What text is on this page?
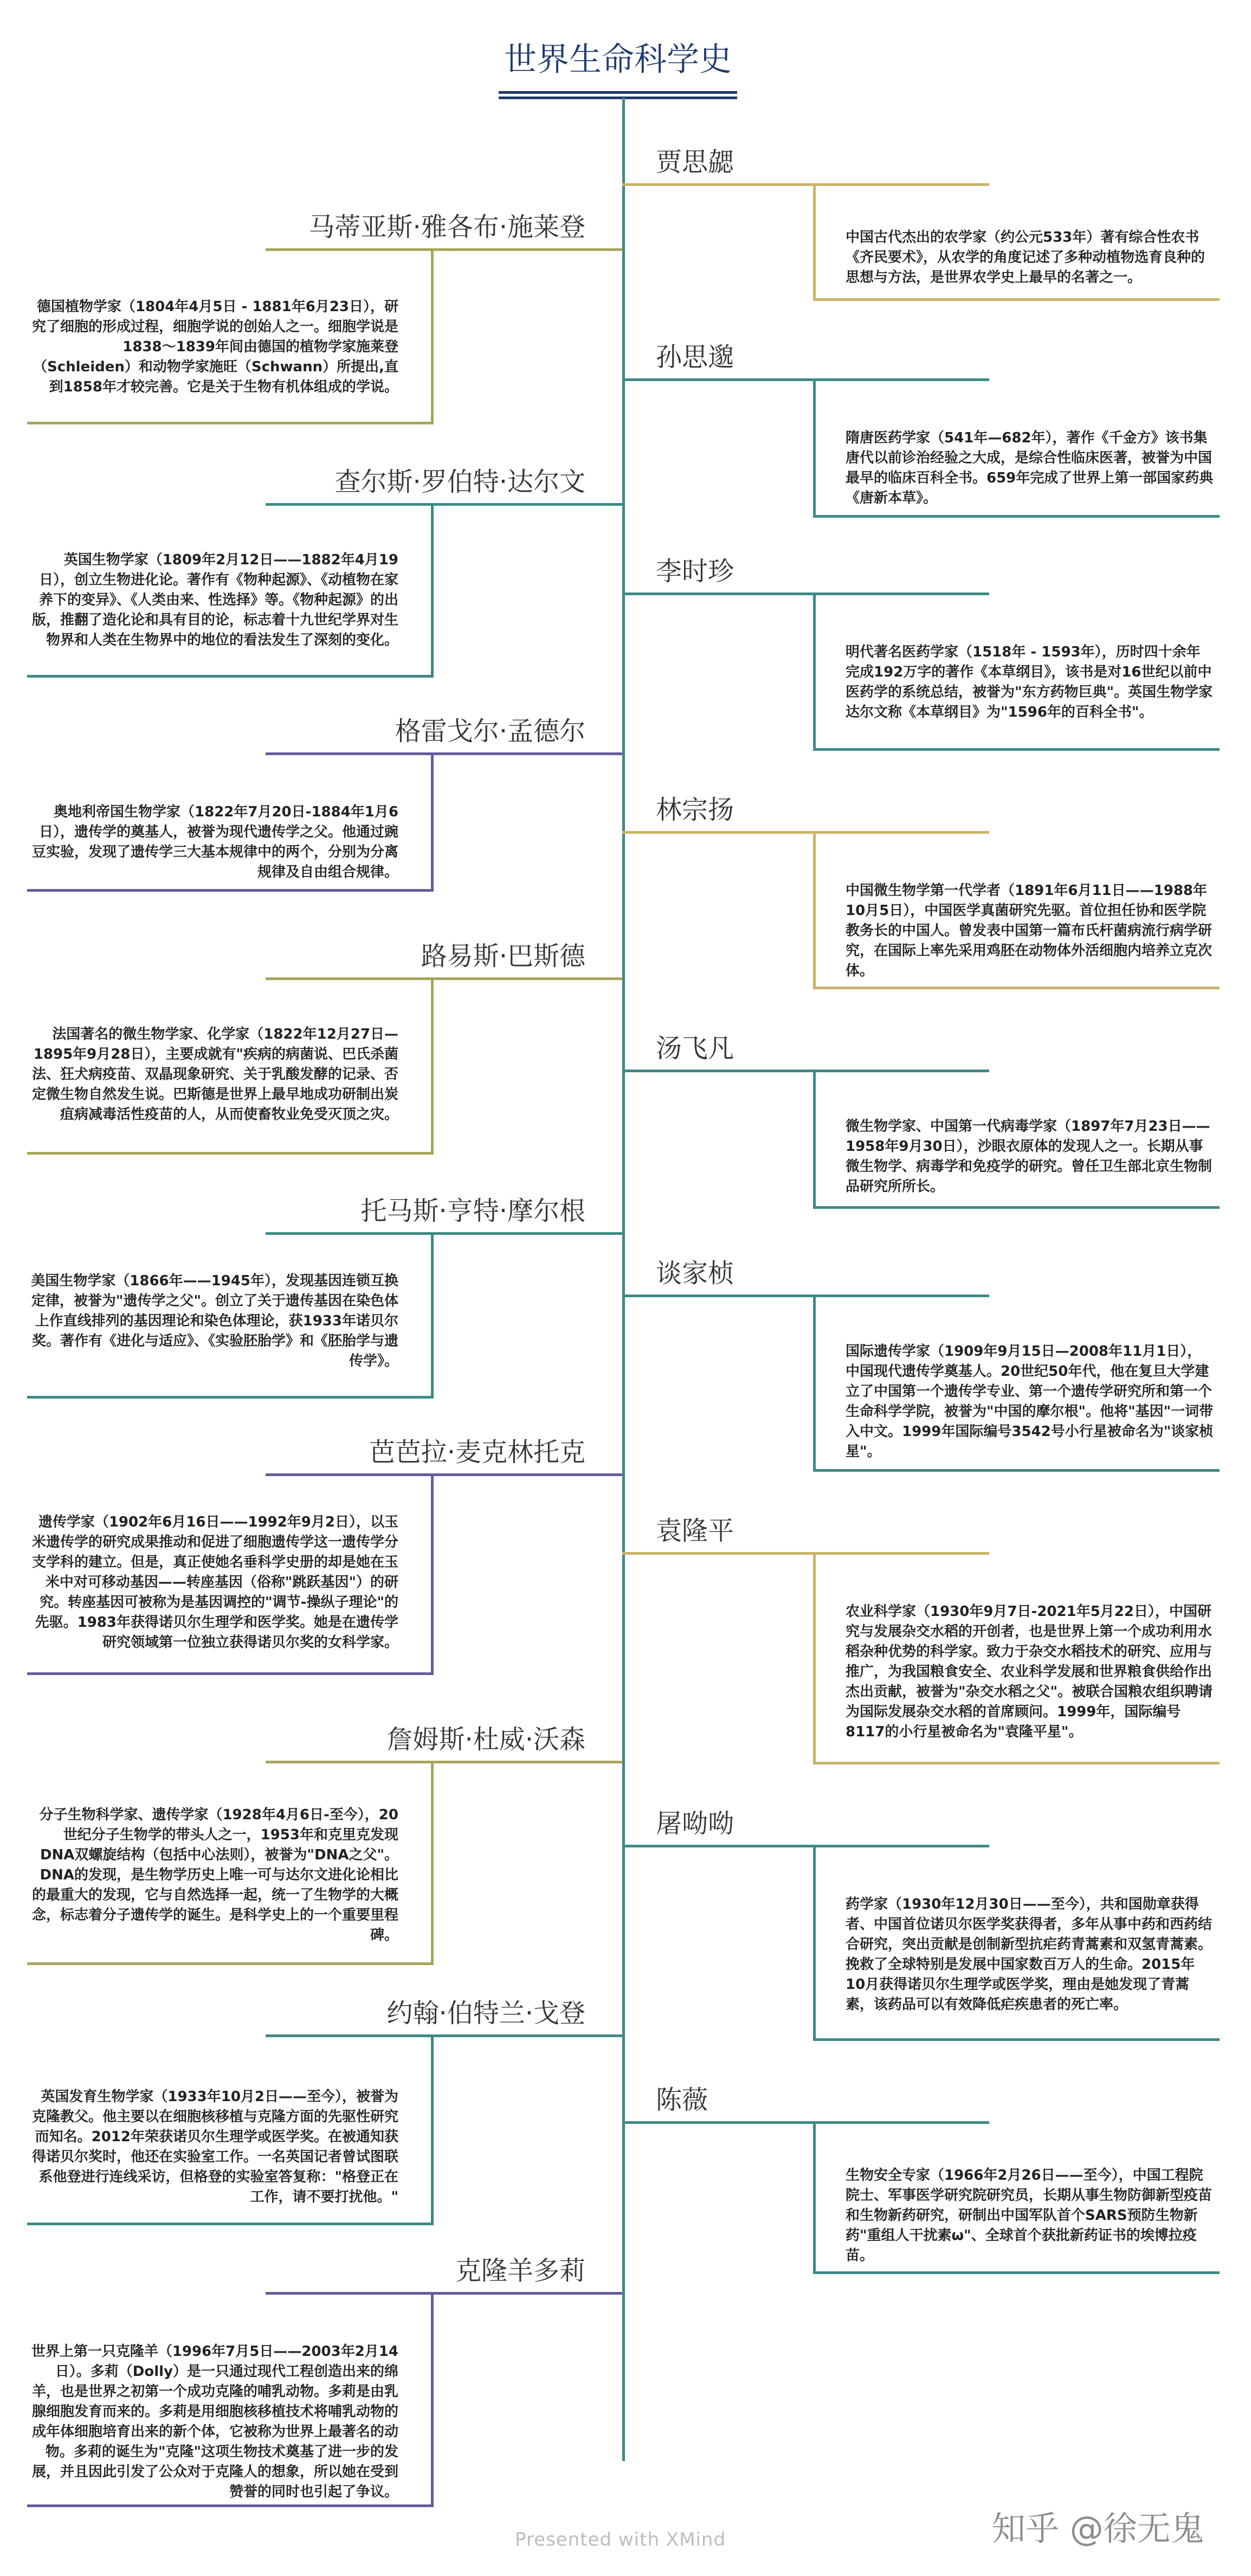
世界生命科学史
马蒂亚斯·雅各布·施莱登
德国植物学家（1804年4月5日 - 1881年6月23日），研究了细胞的形成过程，细胞学说的创始人之一。细胞学说是1838～1839年间由德国的植物学家施莱登（Schleiden）和动物学家施旺（Schwann）所提出,直到1858年才较完善。它是关于生物有机体组成的学说。
查尔斯·罗伯特·达尔文
英国生物学家（1809年2月12日——1882年4月19日），创立生物进化论。著作有《物种起源》、《动植物在家养下的变异》、《人类由来、性选择》等。《物种起源》的出版，推翻了造化论和具有目的论，标志着十九世纪学界对生物界和人类在生物界中的地位的看法发生了深刻的变化。
格雷戈尔·孟德尔
奥地利帝国生物学家（1822年7月20日-1884年1月6日），遗传学的奠基人，被誉为现代遗传学之父。他通过豌豆实验，发现了遗传学三大基本规律中的两个，分别为分离规律及自由组合规律。
路易斯·巴斯德
法国著名的微生物学家、化学家（1822年12月27日—1895年9月28日），主要成就有"疾病的病菌说、巴氏杀菌法、狂犬病疫苗、双晶现象研究、关于乳酸发酵的记录、否定微生物自然发生说。巴斯德是世界上最早地成功研制出炭疽病减毒活性疫苗的人，从而使畜牧业免受灭顶之灾。
托马斯·亨特·摩尔根
美国生物学家（1866年——1945年），发现基因连锁互换定律，被誉为"遗传学之父"。创立了关于遗传基因在染色体上作直线排列的基因理论和染色体理论，获1933年诺贝尔奖。著作有《进化与适应》、《实验胚胎学》和《胚胎学与遗传学》。
芭芭拉·麦克林托克
遗传学家（1902年6月16日——1992年9月2日），以玉米遗传学的研究成果推动和促进了细胞遗传学这一遗传学分支学科的建立。但是，真正使她名垂科学史册的却是她在玉米中对可移动基因——转座基因（俗称"跳跃基因"）的研究。转座基因可被称为是基因调控的"调节-操纵子理论"的先驱。1983年获得诺贝尔生理学和医学奖。她是在遗传学研究领域第一位独立获得诺贝尔奖的女科学家。
詹姆斯·杜威·沃森
分子生物科学家、遗传学家（1928年4月6日-至今），20世纪分子生物学的带头人之一，1953年和克里克发现DNA双螺旋结构（包括中心法则），被誉为"DNA之父"。DNA的发现，是生物学历史上唯一可与达尔文进化论相比的最重大的发现，它与自然选择一起，统一了生物学的大概念，标志着分子遗传学的诞生。是科学史上的一个重要里程碑。
约翰·伯特兰·戈登
英国发育生物学家（1933年10月2日——至今），被誉为克隆教父。他主要以在细胞核移植与克隆方面的先驱性研究而知名。2012年荣获诺贝尔生理学或医学奖。在被通知获得诺贝尔奖时，他还在实验室工作。一名英国记者曾试图联系他登进行连线采访，但格登的实验室答复称："格登正在工作，请不要打扰他。"
克隆羊多莉
世界上第一只克隆羊（1996年7月5日——2003年2月14日）。多莉（Dolly）是一只通过现代工程创造出来的绵羊，也是世界之初第一个成功克隆的哺乳动物。多莉是由乳腺细胞发育而来的。多莉是用细胞核移植技术将哺乳动物的成年体细胞培育出来的新个体，它被称为世界上最著名的动物。多莉的诞生为"克隆"这项生物技术奠基了进一步的发展，并且因此引发了公众对于克隆人的想象，所以她在受到赞誉的同时也引起了争议。
贾思勰
中国古代杰出的农学家（约公元533年）著有综合性农书《齐民要术》，从农学的角度记述了多种动植物选育良种的思想与方法，是世界农学史上最早的名著之一。
孙思邈
隋唐医药学家（541年—682年），著作《千金方》该书集唐代以前诊治经验之大成，是综合性临床医著，被誉为中国最早的临床百科全书。659年完成了世界上第一部国家药典《唐新本草》。
李时珍
明代著名医药学家（1518年 - 1593年），历时四十余年完成192万字的著作《本草纲目》，该书是对16世纪以前中医药学的系统总结，被誉为"东方药物巨典"。英国生物学家达尔文称《本草纲目》为"1596年的百科全书"。
林宗扬
中国微生物学第一代学者（1891年6月11日——1988年10月5日），中国医学真菌研究先驱。首位担任协和医学院教务长的中国人。曾发表中国第一篇布氏杆菌病流行病学研究，在国际上率先采用鸡胚在动物体外活细胞内培养立克次体。
汤飞凡
微生物学家、中国第一代病毒学家（1897年7月23日——1958年9月30日），沙眼衣原体的发现人之一。长期从事微生物学、病毒学和免疫学的研究。曾任卫生部北京生物制品研究所所长。
谈家桢
国际遗传学家（1909年9月15日—2008年11月1日），中国现代遗传学奠基人。20世纪50年代，他在复旦大学建立了中国第一个遗传学专业、第一个遗传学研究所和第一个生命科学学院，被誉为"中国的摩尔根"。他将"基因"一词带入中文。1999年国际编号3542号小行星被命名为"谈家桢星"。
袁隆平
农业科学家（1930年9月7日-2021年5月22日），中国研究与发展杂交水稻的开创者，也是世界上第一个成功利用水稻杂种优势的科学家。致力于杂交水稻技术的研究、应用与推广，为我国粮食安全、农业科学发展和世界粮食供给作出杰出贡献，被誉为"杂交水稻之父"。被联合国粮农组织聘请为国际发展杂交水稻的首席顾问。1999年，国际编号8117的小行星被命名为"袁隆平星"。
屠呦呦
药学家（1930年12月30日——至今），共和国勋章获得者、中国首位诺贝尔医学奖获得者，多年从事中药和西药结合研究，突出贡献是创制新型抗疟药青蒿素和双氢青蒿素。挽救了全球特别是发展中国家数百万人的生命。2015年10月获得诺贝尔生理学或医学奖，理由是她发现了青蒿素，该药品可以有效降低疟疾患者的死亡率。
陈薇
生物安全专家（1966年2月26日——至今），中国工程院院士、军事医学研究院研究员，长期从事生物防御新型疫苗和生物新药研究，研制出中国军队首个SARS预防生物新药"重组人干扰素ω"、全球首个获批新药证书的埃博拉疫苗。
Presented with XMind	知乎 @徐无鬼
